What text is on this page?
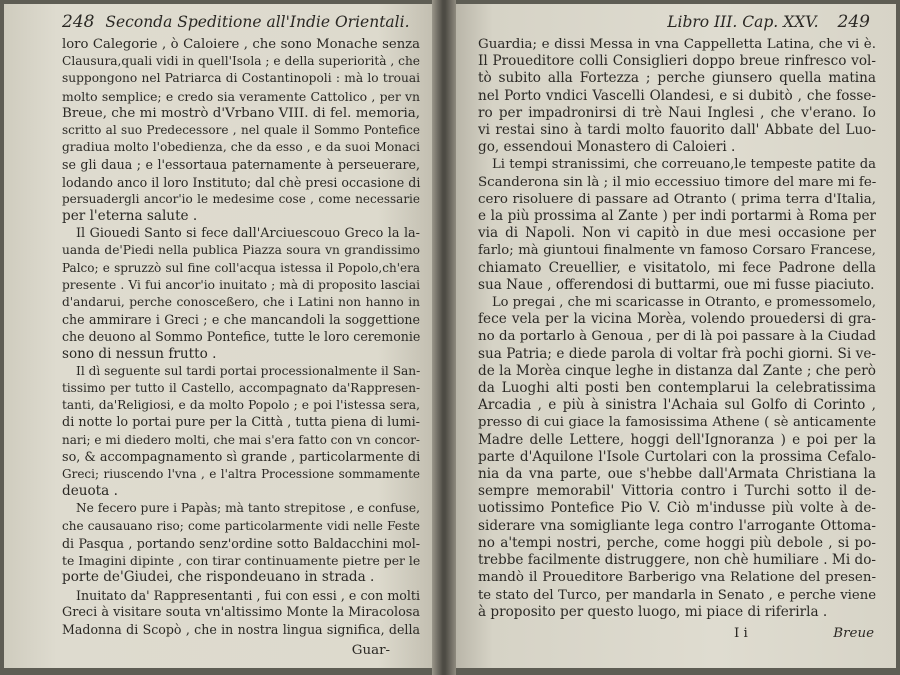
248 Seconda Speditione all'Indie Orientali.
loro Calegorie , ò Caloiere , che sono Monache senza
Clausura,quali vidi in quell'Isola ; e della superiorità , che
suppongono nel Patriarca di Costantinopoli : mà lo trouai
molto semplice; e credo sia veramente Cattolico , per vn
Breue, che mi mostrò d'Vrbano VIII. di fel. memoria,
scritto al suo Predecessore , nel quale il Sommo Pontefice
gradiua molto l'obedienza, che da esso , e da suoi Monaci
se gli daua ; e l'essortaua paternamente à perseuerare,
lodando anco il loro Instituto; dal chè presi occasione di
persuadergli ancor'io le medesime cose , come necessarie
per l'eterna salute .
Il Giouedi Santo si fece dall'Arciuescouo Greco la la-
uanda de'Piedi nella publica Piazza soura vn grandissimo
Palco; e spruzzò sul fine coll'acqua istessa il Popolo,ch'era
presente . Vi fui ancor'io inuitato ; mà di proposito lasciai
d'andarui, perche conosceßero, che i Latini non hanno in
che ammirare i Greci ; e che mancandoli la soggettione
che deuono al Sommo Pontefice, tutte le loro ceremonie
sono di nessun frutto .
Il dì seguente sul tardi portai processionalmente il San-
tissimo per tutto il Castello, accompagnato da'Rappresen-
tanti, da'Religiosi, e da molto Popolo ; e poi l'istessa sera,
di notte lo portai pure per la Città , tutta piena di lumi-
nari; e mi diedero molti, che mai s'era fatto con vn concor-
so, & accompagnamento sì grande , particolarmente di
Greci; riuscendo l'vna , e l'altra Processione sommamente
deuota .
Ne fecero pure i Papàs; mà tanto strepitose , e confuse,
che causauano riso; come particolarmente vidi nelle Feste
di Pasqua , portando senz'ordine sotto Baldacchini mol-
te Imagini dipinte , con tirar continuamente pietre per le
porte de'Giudei, che rispondeuano in strada .
Inuitato da' Rappresentanti , fui con essi , e con molti
Greci à visitare souta vn'altissimo Monte la Miracolosa
Madonna di Scopò , che in nostra lingua significa, della
Guar-
Libro III. Cap. XXV. 249
Guardia; e dissi Messa in vna Cappelletta Latina, che vi è.
Il Proueditore colli Consiglieri doppo breue rinfresco vol-
tò subito alla Fortezza ; perche giunsero quella matina
nel Porto vndici Vascelli Olandesi, e si dubitò , che fosse-
ro per impadronirsi di trè Naui Inglesi , che v'erano. Io
vi restai sino à tardi molto fauorito dall' Abbate del Luo-
go, essendoui Monastero di Caloieri .
Li tempi stranissimi, che correuano,le tempeste patite da
Scanderona sin là ; il mio eccessiuo timore del mare mi fe-
cero risoluere di passare ad Otranto ( prima terra d'Italia,
e la più prossima al Zante ) per indi portarmi à Roma per
via di Napoli. Non vi capitò in due mesi occasione per
farlo; mà giuntoui finalmente vn famoso Corsaro Francese,
chiamato Creuellier, e visitatolo, mi fece Padrone della
sua Naue , offerendosi di buttarmi, oue mi fusse piaciuto.
Lo pregai , che mi scaricasse in Otranto, e promessomelo,
fece vela per la vicina Morèa, volendo prouedersi di gra-
no da portarlo à Genoua , per di là poi passare à la Ciudad
sua Patria; e diede parola di voltar frà pochi giorni. Si ve-
de la Morèa cinque leghe in distanza dal Zante ; che però
da Luoghi alti posti ben contemplarui la celebratissima
Arcadia , e più à sinistra l'Achaia sul Golfo di Corinto ,
presso di cui giace la famosissima Athene ( sè anticamente
Madre delle Lettere, hoggi dell'Ignoranza ) e poi per la
parte d'Aquilone l'Isole Curtolari con la prossima Cefalo-
nia da vna parte, oue s'hebbe dall'Armata Christiana la
sempre memorabil' Vittoria contro i Turchi sotto il de-
uotissimo Pontefice Pio V. Ciò m'indusse più volte à de-
siderare vna somigliante lega contro l'arrogante Ottoma-
no a'tempi nostri, perche, come hoggi più debole , si po-
trebbe facilmente distruggere, non chè humiliare . Mi do-
mandò il Proueditore Barberigo vna Relatione del presen-
te stato del Turco, per mandarla in Senato , e perche viene
à proposito per questo luogo, mi piace di riferirla .
I i	Breue
